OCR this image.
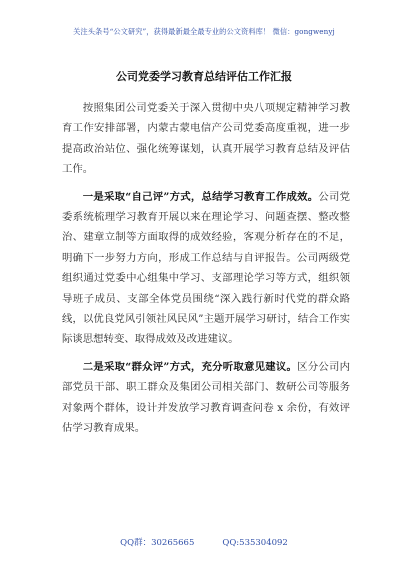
关注头条号“公文研究”，获得最新最全最专业的公文资料库！ 微信：gongwenyj
公司党委学习教育总结评估工作汇报

按照集团公司党委关于深入贯彻中央八项规定精神学习教育工作安排部署，内蒙古蒙电信产公司党委高度重视，进一步提高政治站位、强化统筹谋划，认真开展学习教育总结及评估工作。

一是采取“自己评”方式，总结学习教育工作成效。公司党委系统梳理学习教育开展以来在理论学习、问题查摆、整改整治、建章立制等方面取得的成效经验，客观分析存在的不足，明确下一步努力方向，形成工作总结与自评报告。公司两级党组织通过党委中心组集中学习、支部理论学习等方式，组织领导班子成员、支部全体党员围绕“深入践行新时代党的群众路线，以优良党风引领社风民风”主题开展学习研讨，结合工作实际谈思想转变、取得成效及改进建议。

二是采取“群众评”方式，充分听取意见建议。区分公司内部党员干部、职工群众及集团公司相关部门、数研公司等服务对象两个群体，设计并发放学习教育调查问卷 x 余份，有效评估学习教育成果。

QQ群：30265665	QQ:535304092
